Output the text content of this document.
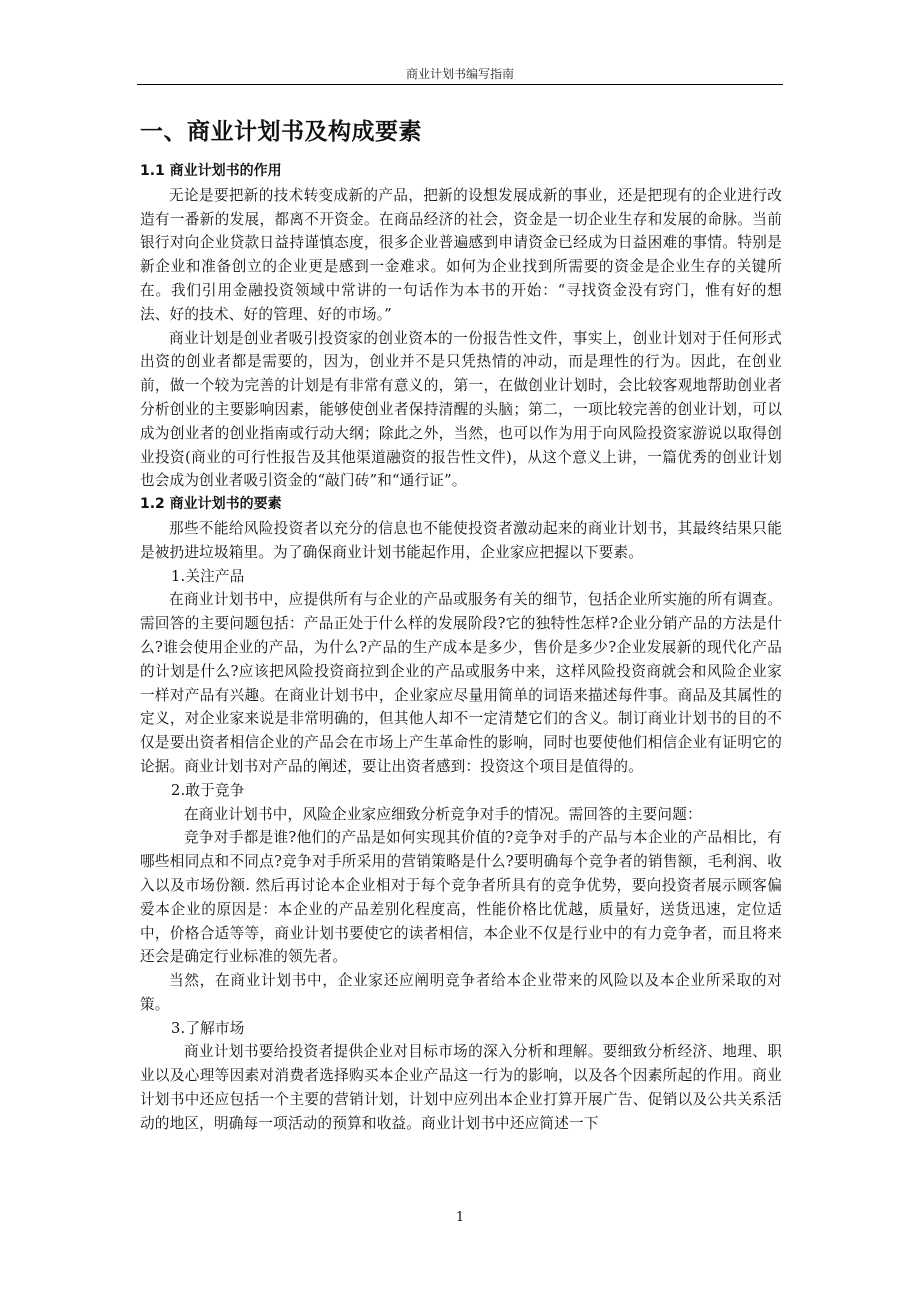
商业计划书编写指南
一、商业计划书及构成要素
1.1 商业计划书的作用

无论是要把新的技术转变成新的产品，把新的设想发展成新的事业，还是把现有的企业进行改造有一番新的发展，都离不开资金。在商品经济的社会，资金是一切企业生存和发展的命脉。当前银行对向企业贷款日益持谨慎态度，很多企业普遍感到申请资金已经成为日益困难的事情。特别是新企业和准备创立的企业更是感到一金难求。如何为企业找到所需要的资金是企业生存的关键所在。我们引用金融投资领域中常讲的一句话作为本书的开始：“寻找资金没有窍门，惟有好的想法、好的技术、好的管理、好的市场。”

商业计划是创业者吸引投资家的创业资本的一份报告性文件，事实上，创业计划对于任何形式出资的创业者都是需要的，因为，创业并不是只凭热情的冲动，而是理性的行为。因此，在创业前，做一个较为完善的计划是有非常有意义的，第一，在做创业计划时，会比较客观地帮助创业者分析创业的主要影响因素，能够使创业者保持清醒的头脑；第二，一项比较完善的创业计划，可以成为创业者的创业指南或行动大纲；除此之外，当然，也可以作为用于向风险投资家游说以取得创业投资(商业的可行性报告及其他渠道融资的报告性文件)，从这个意义上讲，一篇优秀的创业计划也会成为创业者吸引资金的“敲门砖”和“通行证”。

1.2 商业计划书的要素

那些不能给风险投资者以充分的信息也不能使投资者激动起来的商业计划书，其最终结果只能是被扔进垃圾箱里。为了确保商业计划书能起作用，企业家应把握以下要素。

1.关注产品

在商业计划书中，应提供所有与企业的产品或服务有关的细节，包括企业所实施的所有调查。需回答的主要问题包括：产品正处于什么样的发展阶段?它的独特性怎样?企业分销产品的方法是什么?谁会使用企业的产品，为什么?产品的生产成本是多少，售价是多少?企业发展新的现代化产品的计划是什么?应该把风险投资商拉到企业的产品或服务中来，这样风险投资商就会和风险企业家一样对产品有兴趣。在商业计划书中，企业家应尽量用简单的词语来描述每件事。商品及其属性的定义，对企业家来说是非常明确的，但其他人却不一定清楚它们的含义。制订商业计划书的目的不仅是要出资者相信企业的产品会在市场上产生革命性的影响，同时也要使他们相信企业有证明它的论据。商业计划书对产品的阐述，要让出资者感到：投资这个项目是值得的。

2.敢于竞争

在商业计划书中，风险企业家应细致分析竞争对手的情况。需回答的主要问题：

竞争对手都是谁?他们的产品是如何实现其价值的?竞争对手的产品与本企业的产品相比，有哪些相同点和不同点?竞争对手所采用的营销策略是什么?要明确每个竞争者的销售额，毛利润、收入以及市场份额. 然后再讨论本企业相对于每个竞争者所具有的竞争优势，要向投资者展示顾客偏爱本企业的原因是：本企业的产品差别化程度高，性能价格比优越，质量好，送货迅速，定位适中，价格合适等等，商业计划书要使它的读者相信，本企业不仅是行业中的有力竞争者，而且将来还会是确定行业标准的领先者。

当然，在商业计划书中，企业家还应阐明竞争者给本企业带来的风险以及本企业所采取的对策。

3.了解市场

商业计划书要给投资者提供企业对目标市场的深入分析和理解。要细致分析经济、地理、职业以及心理等因素对消费者选择购买本企业产品这一行为的影响，以及各个因素所起的作用。商业计划书中还应包括一个主要的营销计划，计划中应列出本企业打算开展广告、促销以及公共关系活动的地区，明确每一项活动的预算和收益。商业计划书中还应简述一下

1
